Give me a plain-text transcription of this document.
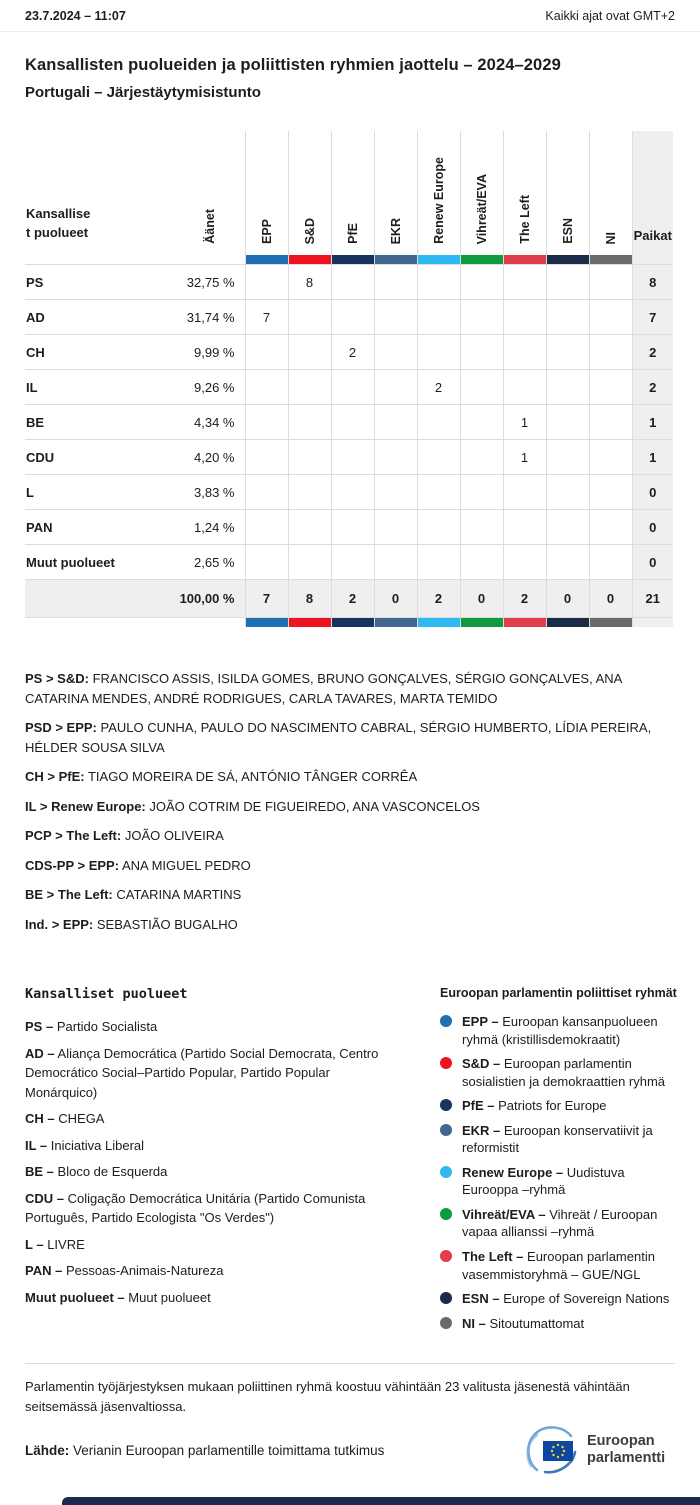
23.7.2024 – 11:07	Kaikki ajat ovat GMT+2
Kansallisten puolueiden ja poliittisten ryhmien jaottelu – 2024–2029
Portugali – Järjestäytymisistunto
Kansalliset puolueet	Äänet	EPP	S&D	PfE	EKR	Renew Europe	Vihreät/EVA	The Left	ESN	NI	Paikat

PS	32,75 %		8								8
AD	31,74 %	7									7
CH	9,99 %			2							2
IL	9,26 %					2					2
BE	4,34 %							1			1
CDU	4,20 %							1			1
L	3,83 %										0
PAN	1,24 %										0
Muut puolueet	2,65 %										0
	100,00 %	7	8	2	0	2	0	2	0	0	21

PS > S&D: FRANCISCO ASSIS, ISILDA GOMES, BRUNO GONÇALVES, SÉRGIO GONÇALVES, ANA CATARINA MENDES, ANDRÉ RODRIGUES, CARLA TAVARES, MARTA TEMIDO

PSD > EPP: PAULO CUNHA, PAULO DO NASCIMENTO CABRAL, SÉRGIO HUMBERTO, LÍDIA PEREIRA, HÉLDER SOUSA SILVA

CH > PfE: TIAGO MOREIRA DE SÁ, ANTÓNIO TÂNGER CORRÊA

IL > Renew Europe: JOÃO COTRIM DE FIGUEIREDO, ANA VASCONCELOS

PCP > The Left: JOÃO OLIVEIRA

CDS-PP > EPP: ANA MIGUEL PEDRO

BE > The Left: CATARINA MARTINS

Ind. > EPP: SEBASTIÃO BUGALHO

Kansalliset puolueet

PS – Partido Socialista

AD – Aliança Democrática (Partido Social Democrata, Centro Democrático Social–Partido Popular, Partido Popular Monárquico)

CH – CHEGA

IL – Iniciativa Liberal

BE – Bloco de Esquerda

CDU – Coligação Democrática Unitária (Partido Comunista Português, Partido Ecologista "Os Verdes")

L – LIVRE

PAN – Pessoas-Animais-Natureza

Muut puolueet – Muut puolueet

Euroopan parlamentin poliittiset ryhmät
EPP – Euroopan kansanpuolueen ryhmä (kristillisdemokraatit)
S&D – Euroopan parlamentin sosialistien ja demokraattien ryhmä
PfE – Patriots for Europe
EKR – Euroopan konservatiivit ja reformistit
Renew Europe – Uudistuva Eurooppa –ryhmä
Vihreät/EVA – Vihreät / Euroopan vapaa allianssi –ryhmä
The Left – Euroopan parlamentin vasemmistoryhmä – GUE/NGL
ESN – Europe of Sovereign Nations
NI – Sitoutumattomat

Parlamentin työjärjestyksen mukaan poliittinen ryhmä koostuu vähintään 23 valitusta jäsenestä vähintään seitsemässä jäsenvaltiossa.

Lähde: Verianin Euroopan parlamentille toimittama tutkimus

Euroopan parlamentti
